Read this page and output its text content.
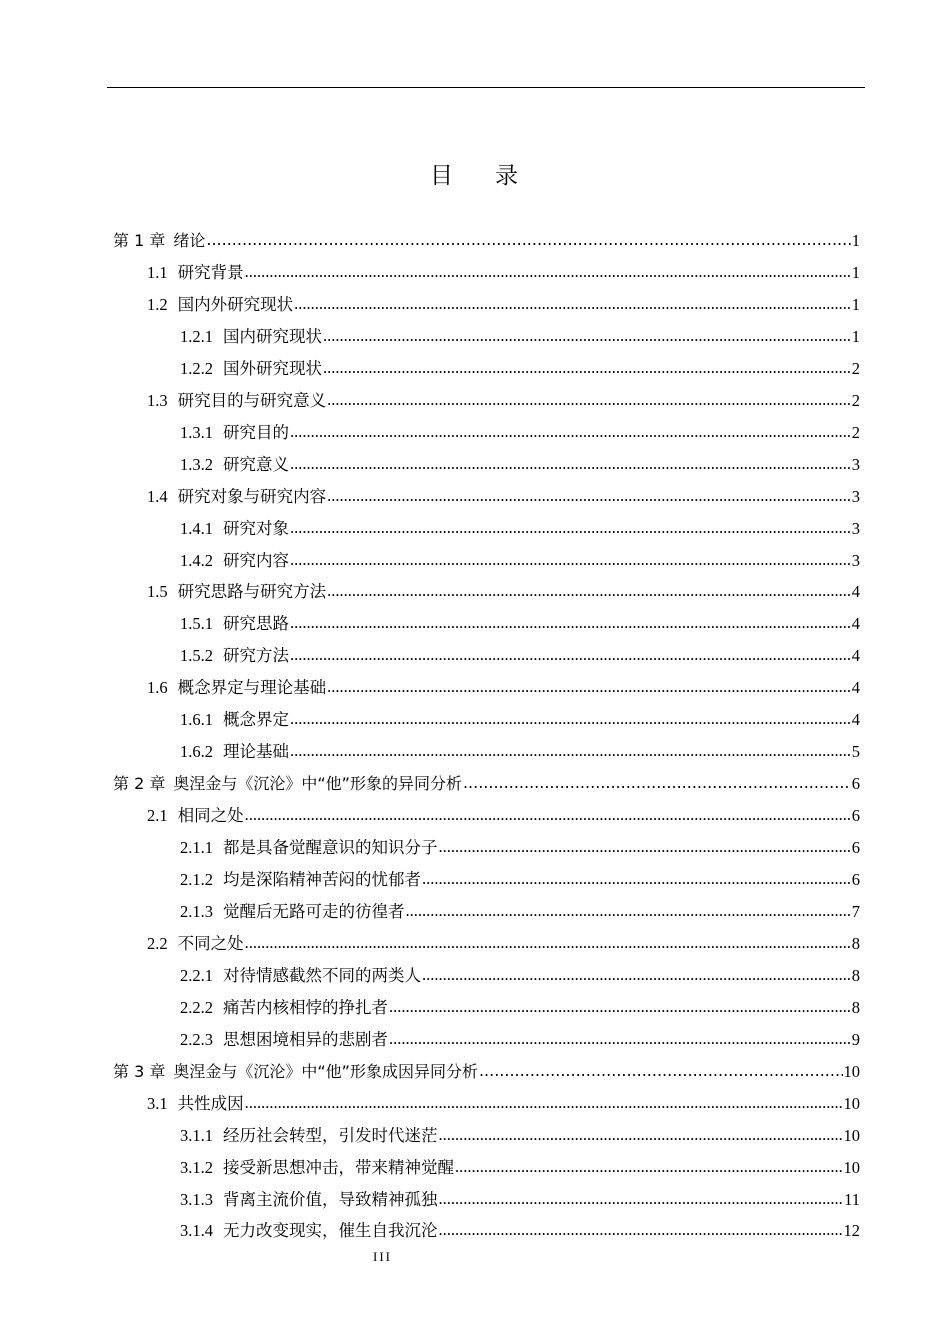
目 录
第 1 章 绪论 .....	1
1.1 研究背景 .....	1
1.2 国内外研究现状 .....	1
1.2.1 国内研究现状 .....	1
1.2.2 国外研究现状 .....	2
1.3 研究目的与研究意义 .....	2
1.3.1 研究目的 .....	2
1.3.2 研究意义 .....	3
1.4 研究对象与研究内容 .....	3
1.4.1 研究对象 .....	3
1.4.2 研究内容 .....	3
1.5 研究思路与研究方法 .....	4
1.5.1 研究思路 .....	4
1.5.2 研究方法 .....	4
1.6 概念界定与理论基础 .....	4
1.6.1 概念界定 .....	4
1.6.2 理论基础 .....	5
第 2 章 奥涅金与《沉沦》中“他”形象的异同分析 .....	6
2.1 相同之处 .....	6
2.1.1 都是具备觉醒意识的知识分子 .....	6
2.1.2 均是深陷精神苦闷的忧郁者 .....	6
2.1.3 觉醒后无路可走的彷徨者 .....	7
2.2 不同之处 .....	8
2.2.1 对待情感截然不同的两类人 .....	8
2.2.2 痛苦内核相悖的挣扎者 .....	8
2.2.3 思想困境相异的悲剧者 .....	9
第 3 章 奥涅金与《沉沦》中“他”形象成因异同分析 .....	10
3.1 共性成因 .....	10
3.1.1 经历社会转型，引发时代迷茫 .....	10
3.1.2 接受新思想冲击，带来精神觉醒 .....	10
3.1.3 背离主流价值，导致精神孤独 .....	11
3.1.4 无力改变现实，催生自我沉沦 .....	12
III
